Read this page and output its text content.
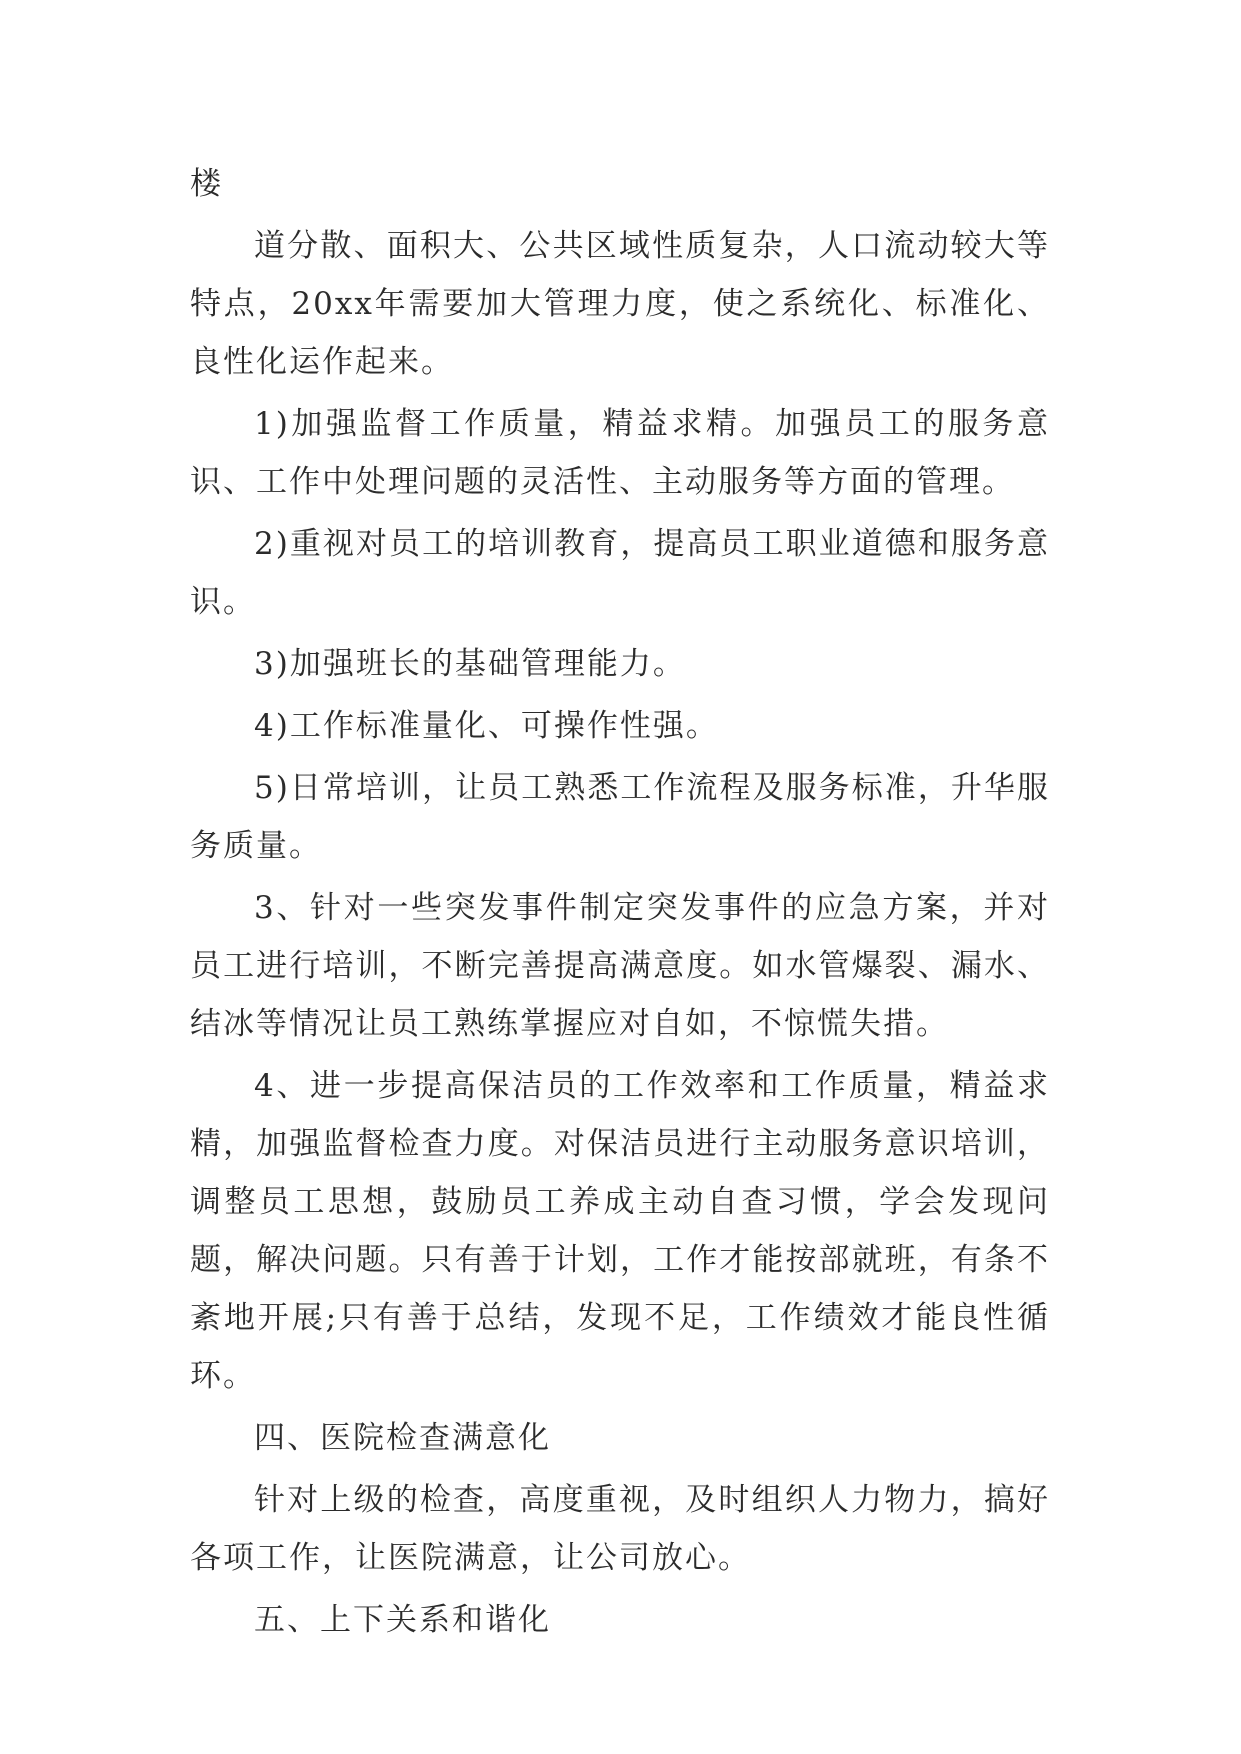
楼

道分散、面积大、公共区域性质复杂，人口流动较大等特点，20xx年需要加大管理力度，使之系统化、标准化、良性化运作起来。

1)加强监督工作质量，精益求精。加强员工的服务意识、工作中处理问题的灵活性、主动服务等方面的管理。

2)重视对员工的培训教育，提高员工职业道德和服务意识。

3)加强班长的基础管理能力。

4)工作标准量化、可操作性强。

5)日常培训，让员工熟悉工作流程及服务标准，升华服务质量。

3、针对一些突发事件制定突发事件的应急方案，并对员工进行培训，不断完善提高满意度。如水管爆裂、漏水、结冰等情况让员工熟练掌握应对自如，不惊慌失措。

4、进一步提高保洁员的工作效率和工作质量，精益求精，加强监督检查力度。对保洁员进行主动服务意识培训，调整员工思想，鼓励员工养成主动自查习惯，学会发现问题，解决问题。只有善于计划，工作才能按部就班，有条不紊地开展;只有善于总结，发现不足，工作绩效才能良性循环。

四、医院检查满意化

针对上级的检查，高度重视，及时组织人力物力，搞好各项工作，让医院满意，让公司放心。

五、上下关系和谐化
